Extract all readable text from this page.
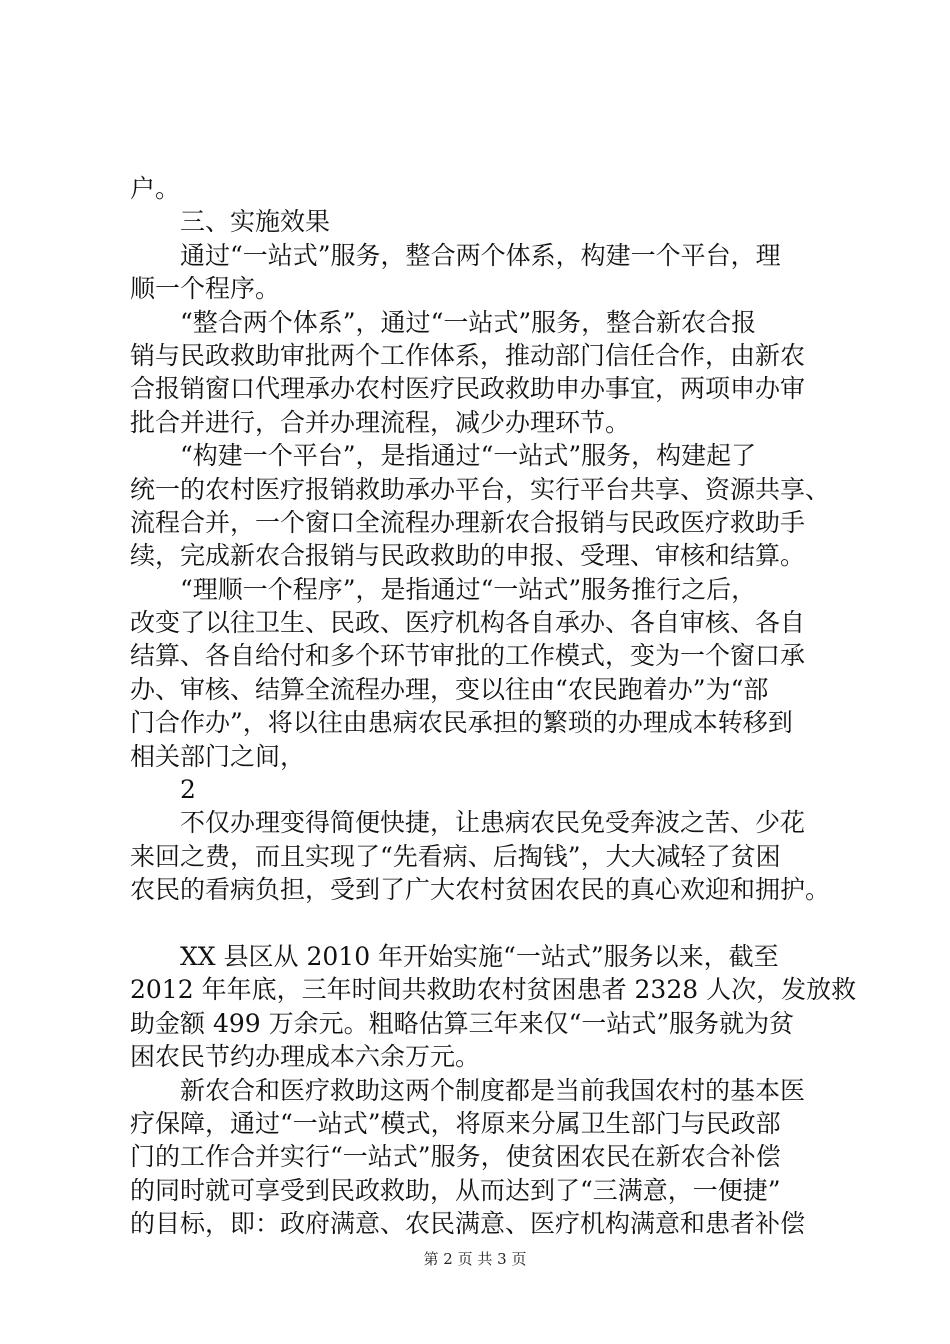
户。
　　三、实施效果
　　通过“一站式”服务，整合两个体系，构建一个平台，理
顺一个程序。
　　“整合两个体系”，通过“一站式”服务，整合新农合报
销与民政救助审批两个工作体系，推动部门信任合作，由新农
合报销窗口代理承办农村医疗民政救助申办事宜，两项申办审
批合并进行，合并办理流程，减少办理环节。
　　“构建一个平台”，是指通过“一站式”服务，构建起了
统一的农村医疗报销救助承办平台，实行平台共享、资源共享、
流程合并，一个窗口全流程办理新农合报销与民政医疗救助手
续，完成新农合报销与民政救助的申报、受理、审核和结算。
　　“理顺一个程序”，是指通过“一站式”服务推行之后，
改变了以往卫生、民政、医疗机构各自承办、各自审核、各自
结算、各自给付和多个环节审批的工作模式，变为一个窗口承
办、审核、结算全流程办理，变以往由“农民跑着办”为“部
门合作办”，将以往由患病农民承担的繁琐的办理成本转移到
相关部门之间，
　　2
　　不仅办理变得简便快捷，让患病农民免受奔波之苦、少花
来回之费，而且实现了“先看病、后掏钱”，大大减轻了贫困
农民的看病负担，受到了广大农村贫困农民的真心欢迎和拥护。
　　XX 县区从 2010 年开始实施“一站式”服务以来，截至
2012 年年底，三年时间共救助农村贫困患者 2328 人次，发放救
助金额 499 万余元。粗略估算三年来仅“一站式”服务就为贫
困农民节约办理成本六余万元。
　　新农合和医疗救助这两个制度都是当前我国农村的基本医
疗保障，通过“一站式”模式，将原来分属卫生部门与民政部
门的工作合并实行“一站式”服务，使贫困农民在新农合补偿
的同时就可享受到民政救助，从而达到了“三满意，一便捷”
的目标，即：政府满意、农民满意、医疗机构满意和患者补偿
第 2 页 共 3 页
